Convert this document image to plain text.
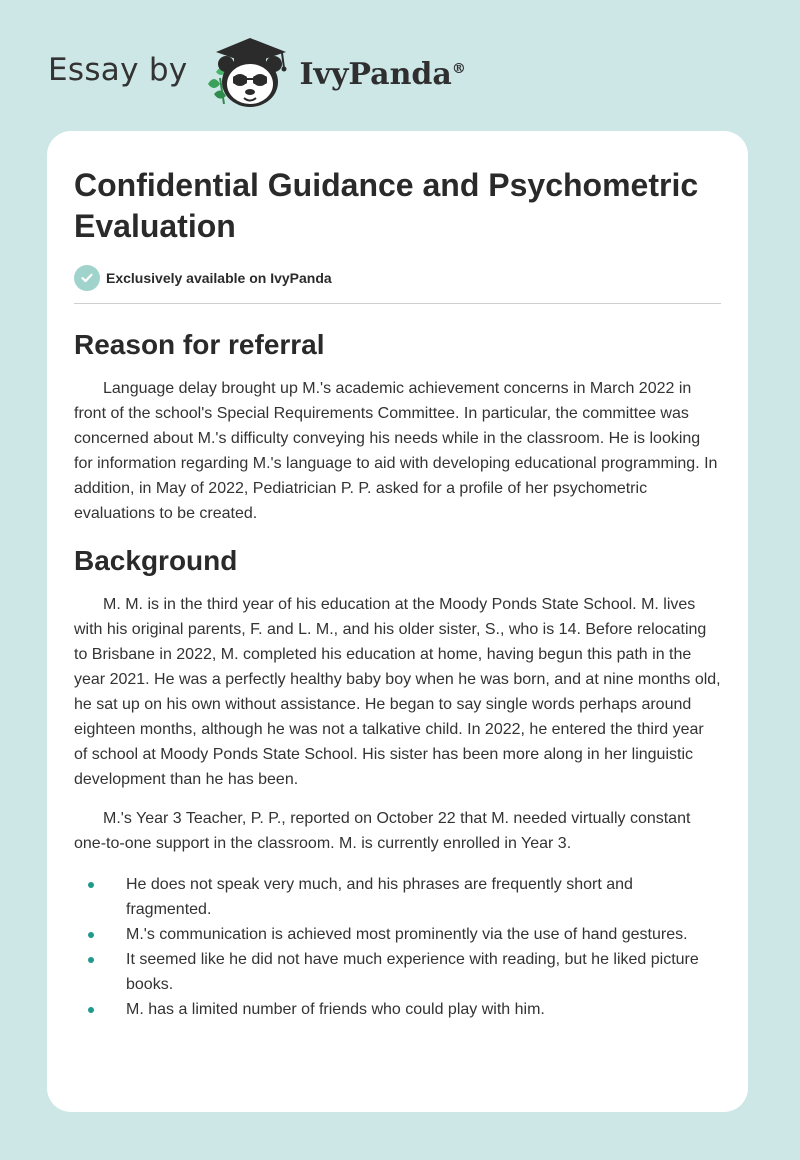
Essay by	IvyPanda®
Confidential Guidance and Psychometric Evaluation
Exclusively available on IvyPanda
Reason for referral

Language delay brought up M.'s academic achievement concerns in March 2022 in front of the school's Special Requirements Committee. In particular, the committee was concerned about M.'s difficulty conveying his needs while in the classroom. He is looking for information regarding M.'s language to aid with developing educational programming. In addition, in May of 2022, Pediatrician P. P. asked for a profile of her psychometric evaluations to be created.

Background

M. M. is in the third year of his education at the Moody Ponds State School. M. lives with his original parents, F. and L. M., and his older sister, S., who is 14. Before relocating to Brisbane in 2022, M. completed his education at home, having begun this path in the year 2021. He was a perfectly healthy baby boy when he was born, and at nine months old, he sat up on his own without assistance. He began to say single words perhaps around eighteen months, although he was not a talkative child. In 2022, he entered the third year of school at Moody Ponds State School. His sister has been more along in her linguistic development than he has been.

M.'s Year 3 Teacher, P. P., reported on October 22 that M. needed virtually constant one-to-one support in the classroom. M. is currently enrolled in Year 3.

He does not speak very much, and his phrases are frequently short and fragmented.
M.'s communication is achieved most prominently via the use of hand gestures.
It seemed like he did not have much experience with reading, but he liked picture books.
M. has a limited number of friends who could play with him.
